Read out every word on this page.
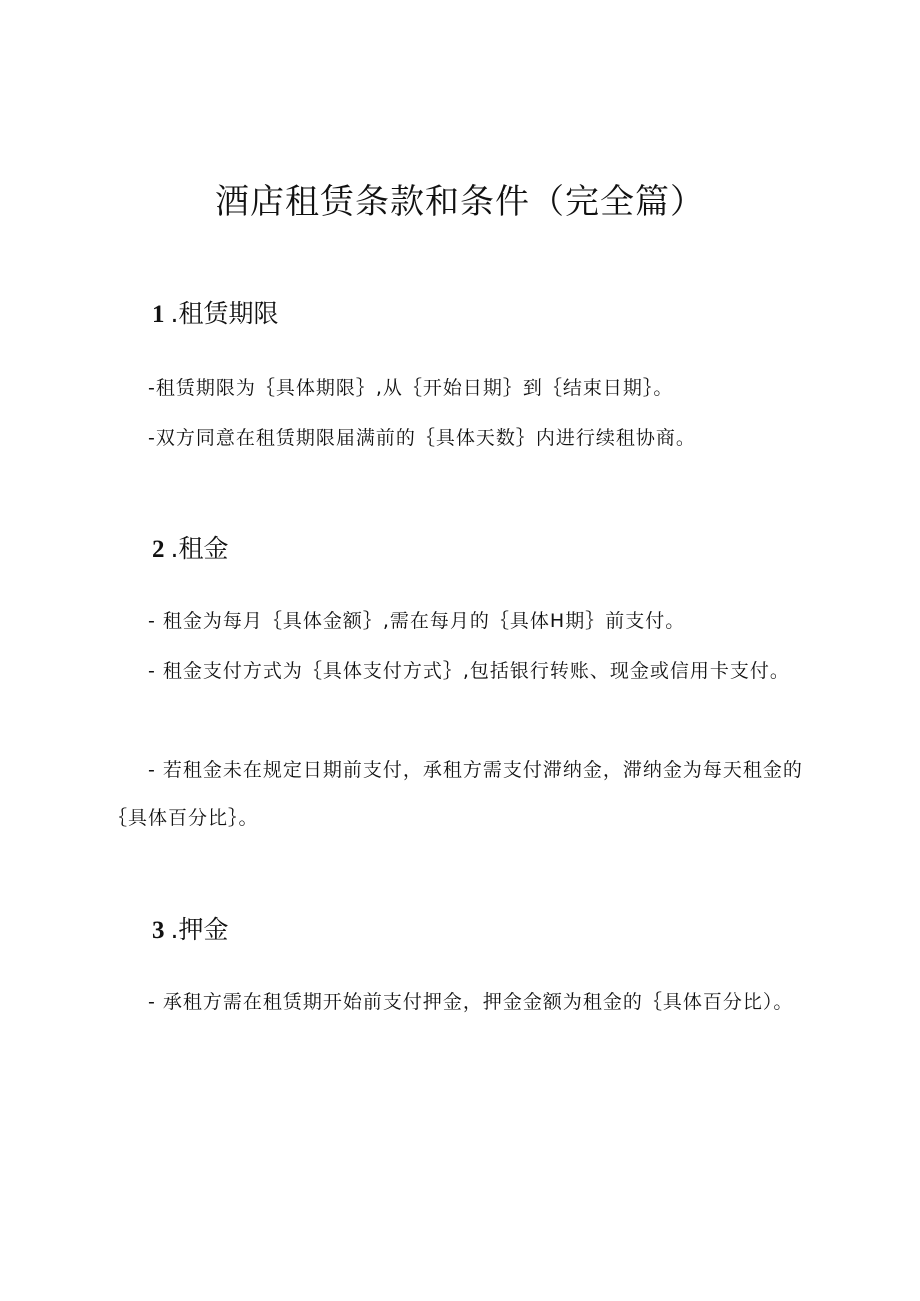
酒店租赁条款和条件（完全篇）
1 .租赁期限

-租赁期限为｛具体期限｝,从｛开始日期｝到｛结束日期｝。

-双方同意在租赁期限届满前的｛具体天数｝内进行续租协商。

2 .租金

- 租金为每月｛具体金额｝,需在每月的｛具体H期｝前支付。

- 租金支付方式为｛具体支付方式｝,包括银行转账、现金或信用卡支付。

- 若租金未在规定日期前支付，承租方需支付滞纳金，滞纳金为每天租金的｛具体百分比｝。

3 .押金

- 承租方需在租赁期开始前支付押金，押金金额为租金的｛具体百分比）。
